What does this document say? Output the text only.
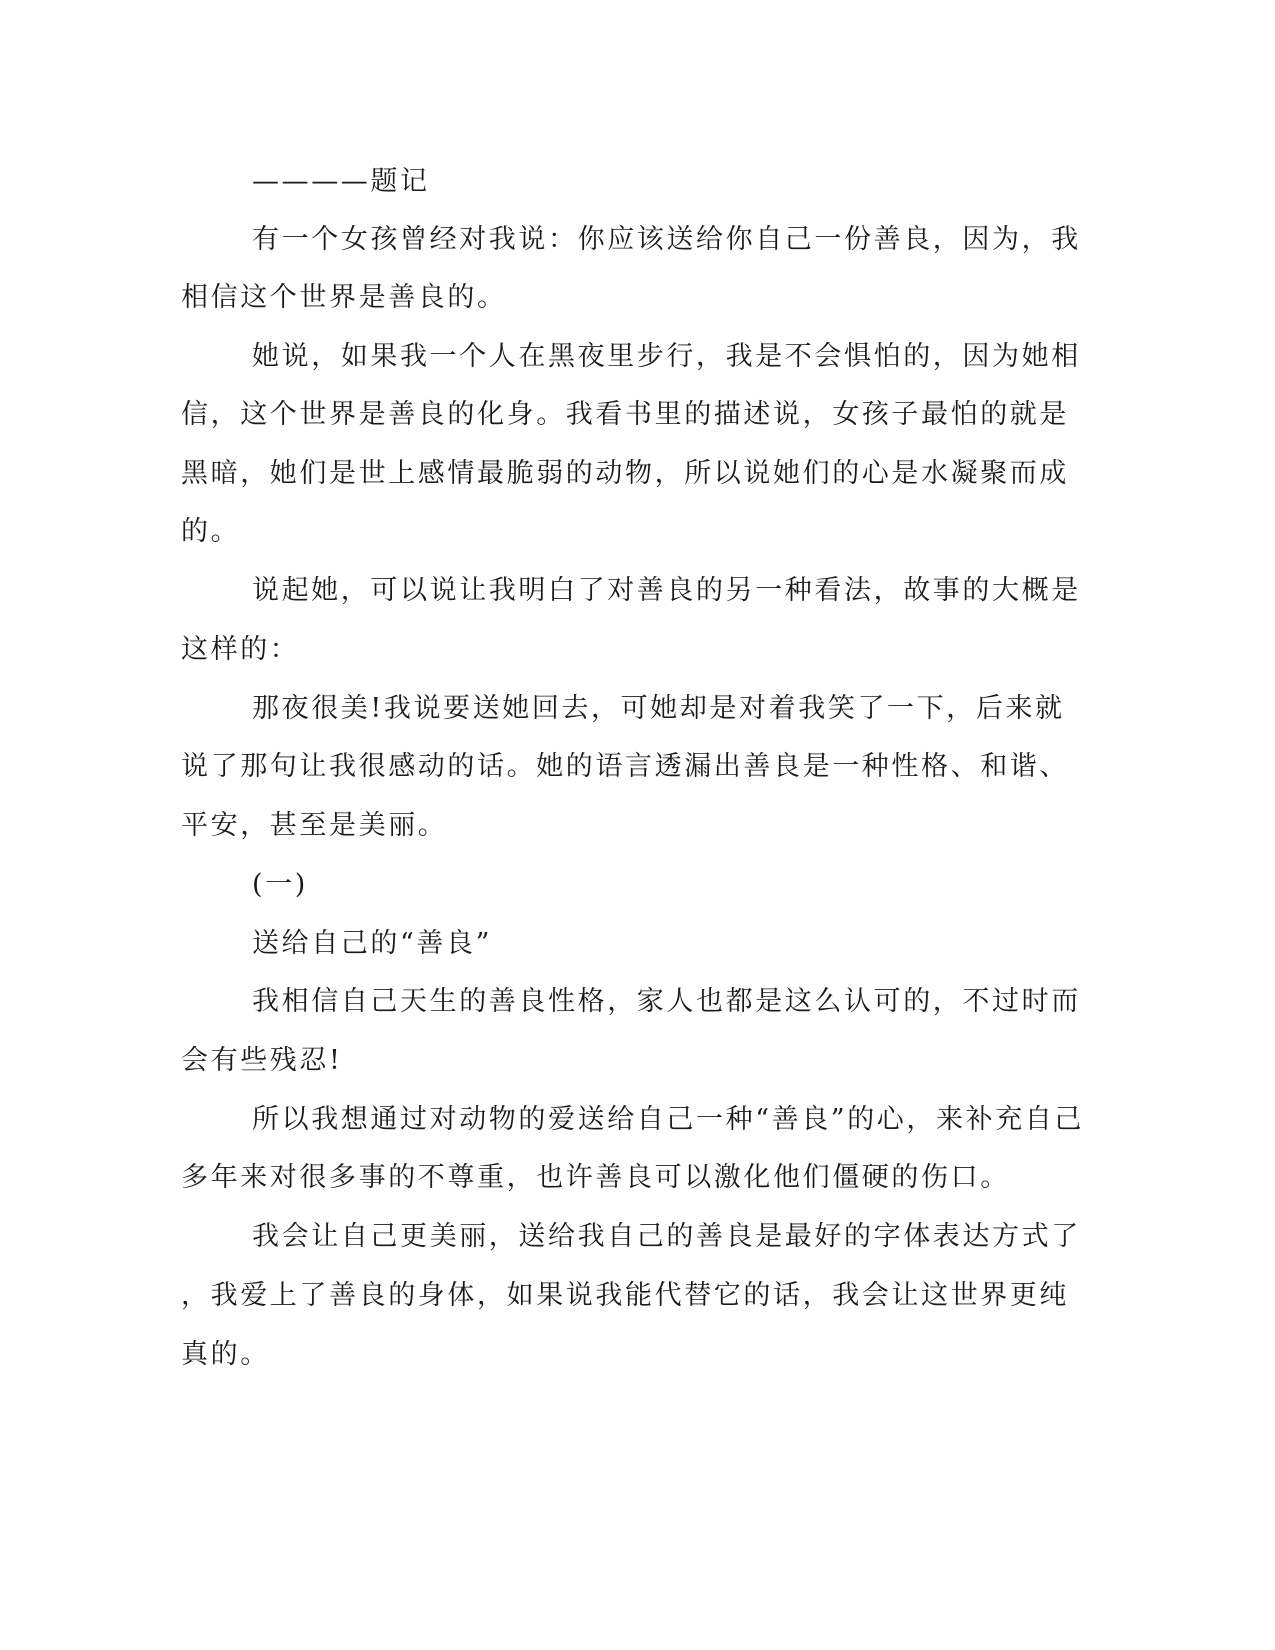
————题记
有一个女孩曾经对我说：你应该送给你自己一份善良，因为，我
相信这个世界是善良的。
她说，如果我一个人在黑夜里步行，我是不会惧怕的，因为她相
信，这个世界是善良的化身。我看书里的描述说，女孩子最怕的就是
黑暗，她们是世上感情最脆弱的动物，所以说她们的心是水凝聚而成
的。
说起她，可以说让我明白了对善良的另一种看法，故事的大概是
这样的：
那夜很美!我说要送她回去，可她却是对着我笑了一下，后来就
说了那句让我很感动的话。她的语言透漏出善良是一种性格、和谐、
平安，甚至是美丽。
(一)
送给自己的“善良”
我相信自己天生的善良性格，家人也都是这么认可的，不过时而
会有些残忍!
所以我想通过对动物的爱送给自己一种“善良”的心，来补充自己
多年来对很多事的不尊重，也许善良可以激化他们僵硬的伤口。
我会让自己更美丽，送给我自己的善良是最好的字体表达方式了
，我爱上了善良的身体，如果说我能代替它的话，我会让这世界更纯
真的。
